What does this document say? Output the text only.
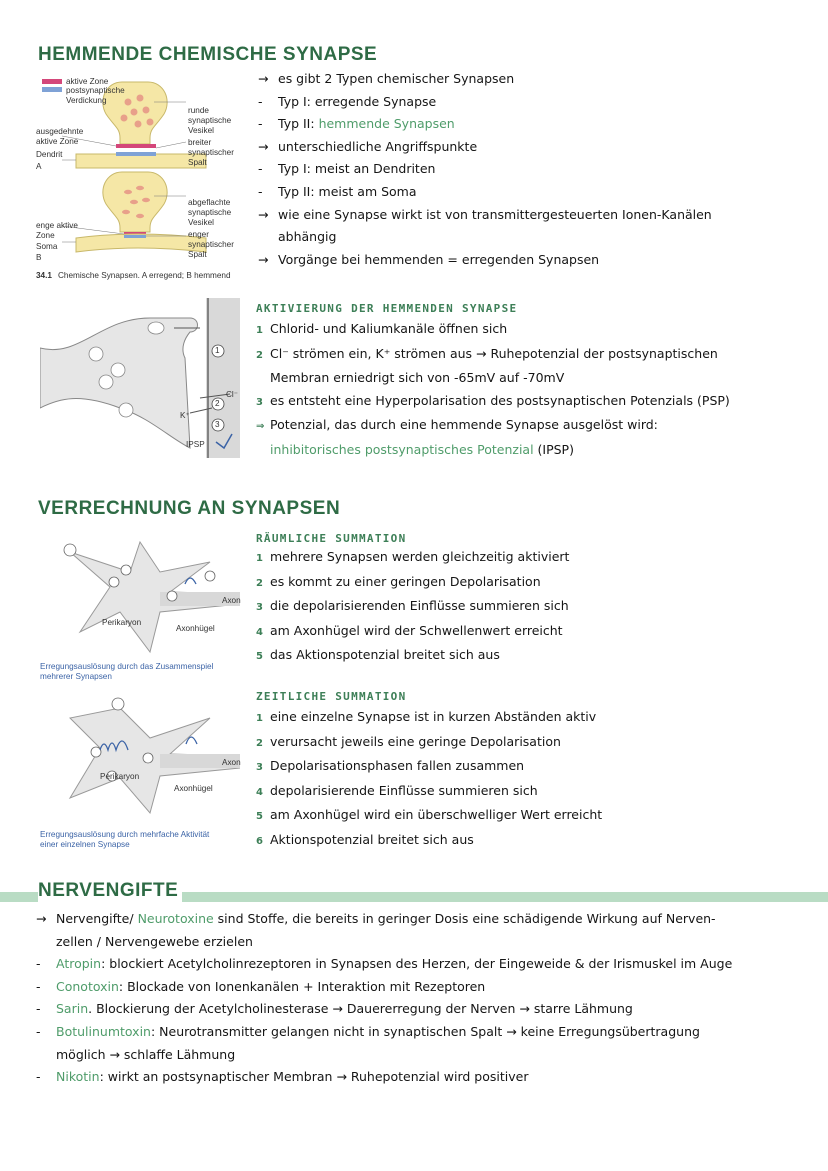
HEMMENDE CHEMISCHE SYNAPSE
aktive Zone
postsynaptische Verdickung
runde synaptische Vesikel
ausgedehnte aktive Zone	breiter synaptischer Spalt
Dendrit
A
abgeflachte synaptische Vesikel
enge aktive Zone	enger synaptischer Spalt
Soma
B
34.1 Chemische Synapsen. A erregend; B hemmend
→ es gibt 2 Typen chemischer Synapsen
- Typ I: erregende Synapse
- Typ II: hemmende Synapsen
→ unterschiedliche Angriffspunkte
- Typ I: meist an Dendriten
- Typ II: meist am Soma
→ wie eine Synapse wirkt ist von transmittergesteuerten Ionen-Kanälen
abhängig
→ Vorgänge bei hemmenden = erregenden Synapsen
1
Cl⁻
2
K⁺
3
IPSP
AKTIVIERUNG DER HEMMENDEN SYNAPSE
1 Chlorid- und Kaliumkanäle öffnen sich
2 Cl⁻ strömen ein, K⁺ strömen aus → Ruhepotenzial der postsynaptischen
Membran erniedrigt sich von -65mV auf -70mV
3 es entsteht eine Hyperpolarisation des postsynaptischen Potenzials (PSP)
⇒ Potenzial, das durch eine hemmende Synapse ausgelöst wird:
inhibitorisches postsynaptisches Potenzial (IPSP)
VERRECHNUNG AN SYNAPSEN
Perikaryon
Axon
Axonhügel
Erregungsauslösung durch das Zusammenspiel mehrerer Synapsen
Perikaryon
Axon
Axonhügel
Erregungsauslösung durch mehrfache Aktivität einer einzelnen Synapse
RÄUMLICHE SUMMATION
1 mehrere Synapsen werden gleichzeitig aktiviert
2 es kommt zu einer geringen Depolarisation
3 die depolarisierenden Einflüsse summieren sich
4 am Axonhügel wird der Schwellenwert erreicht
5 das Aktionspotenzial breitet sich aus
ZEITLICHE SUMMATION
1 eine einzelne Synapse ist in kurzen Abständen aktiv
2 verursacht jeweils eine geringe Depolarisation
3 Depolarisationsphasen fallen zusammen
4 depolarisierende Einflüsse summieren sich
5 am Axonhügel wird ein überschwelliger Wert erreicht
6 Aktionspotenzial breitet sich aus
NERVENGIFTE
→ Nervengifte/ Neurotoxine sind Stoffe, die bereits in geringer Dosis eine schädigende Wirkung auf Nerven-
zellen / Nervengewebe erzielen
- Atropin: blockiert Acetylcholinrezeptoren in Synapsen des Herzen, der Eingeweide & der Irismuskel im Auge
- Conotoxin: Blockade von Ionenkanälen + Interaktion mit Rezeptoren
- Sarin. Blockierung der Acetylcholinesterase → Dauererregung der Nerven → starre Lähmung
- Botulinumtoxin: Neurotransmitter gelangen nicht in synaptischen Spalt → keine Erregungsübertragung
möglich → schlaffe Lähmung
- Nikotin: wirkt an postsynaptischer Membran → Ruhepotenzial wird positiver
